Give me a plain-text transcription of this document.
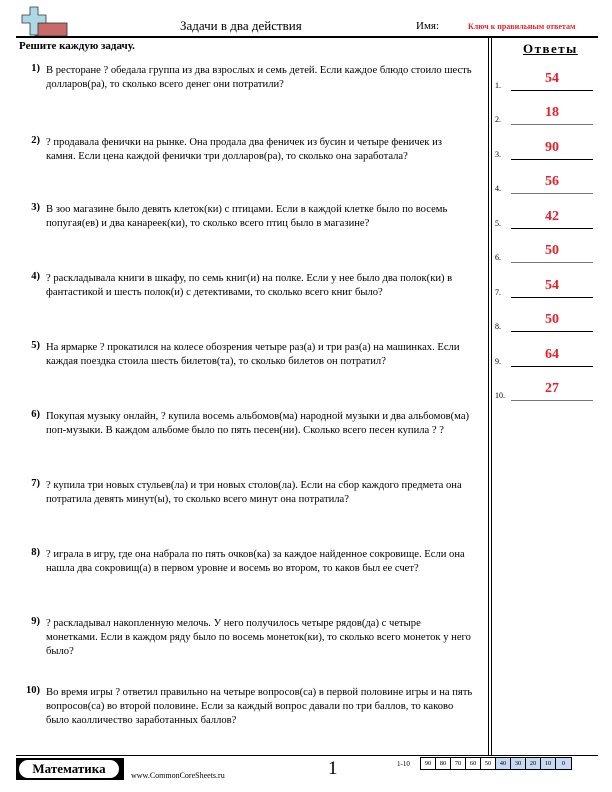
Задачи в два действия	Имя:	Ключ к правильным ответам
Решите каждую задачу.	Ответы
1) В ресторане ? обедала группа из два взрослых и семь детей. Если каждое блюдо стоило шесть долларов(ра), то сколько всего денег они потратили?
2) ? продавала фенички на рынке. Она продала два феничек из бусин и четыре феничек из камня. Если цена каждой фенички три долларов(ра), то сколько она заработала?
3) В зоо магазине было девять клеток(ки) с птицами. Если в каждой клетке было по восемь попугая(ев) и два канареек(ки), то сколько всего птиц было в магазине?
4) ? раскладывала книги в шкафу, по семь книг(и) на полке. Если у нее было два полок(ки) в фантастикой и шесть полок(и) с детективами, то сколько всего книг было?
5) На ярмарке ? прокатился на колесе обозрения четыре раз(а) и три раз(а) на машинках. Если каждая поездка стоила шесть билетов(та), то сколько билетов он потратил?
6) Покупая музыку онлайн, ? купила восемь альбомов(ма) народной музыки и два альбомов(ма) поп-музыки. В каждом альбоме было по пять песен(ни). Сколько всего песен купила ? ?
7) ? купила три новых стульев(ла) и три новых столов(ла). Если на сбор каждого предмета она потратила девять минут(ы), то сколько всего минут она потратила?
8) ? играла в игру, где она набрала по пять очков(ка) за каждое найденное сокровище. Если она нашла два сокровищ(а) в первом уровне и восемь во втором, то каков был ее счет?
9) ? раскладывал накопленную мелочь. У него получилось четыре рядов(да) с четыре монетками. Если в каждом ряду было по восемь монеток(ки), то сколько всего монеток у него было?
10) Во время игры ? ответил правильно на четыре вопросов(са) в первой половине игры и на пять вопросов(са) во второй половине. Если за каждый вопрос давали по три баллов, то каково было каолличество заработанных баллов?
1.	54
2.	18
3.	90
4.	56
5.	42
6.	50
7.	54
8.	50
9.	64
10.	27
Математика	www.CommonCoreSheets.ru	1	1-10	90	80	70	60	50	40	30	20	10	0
